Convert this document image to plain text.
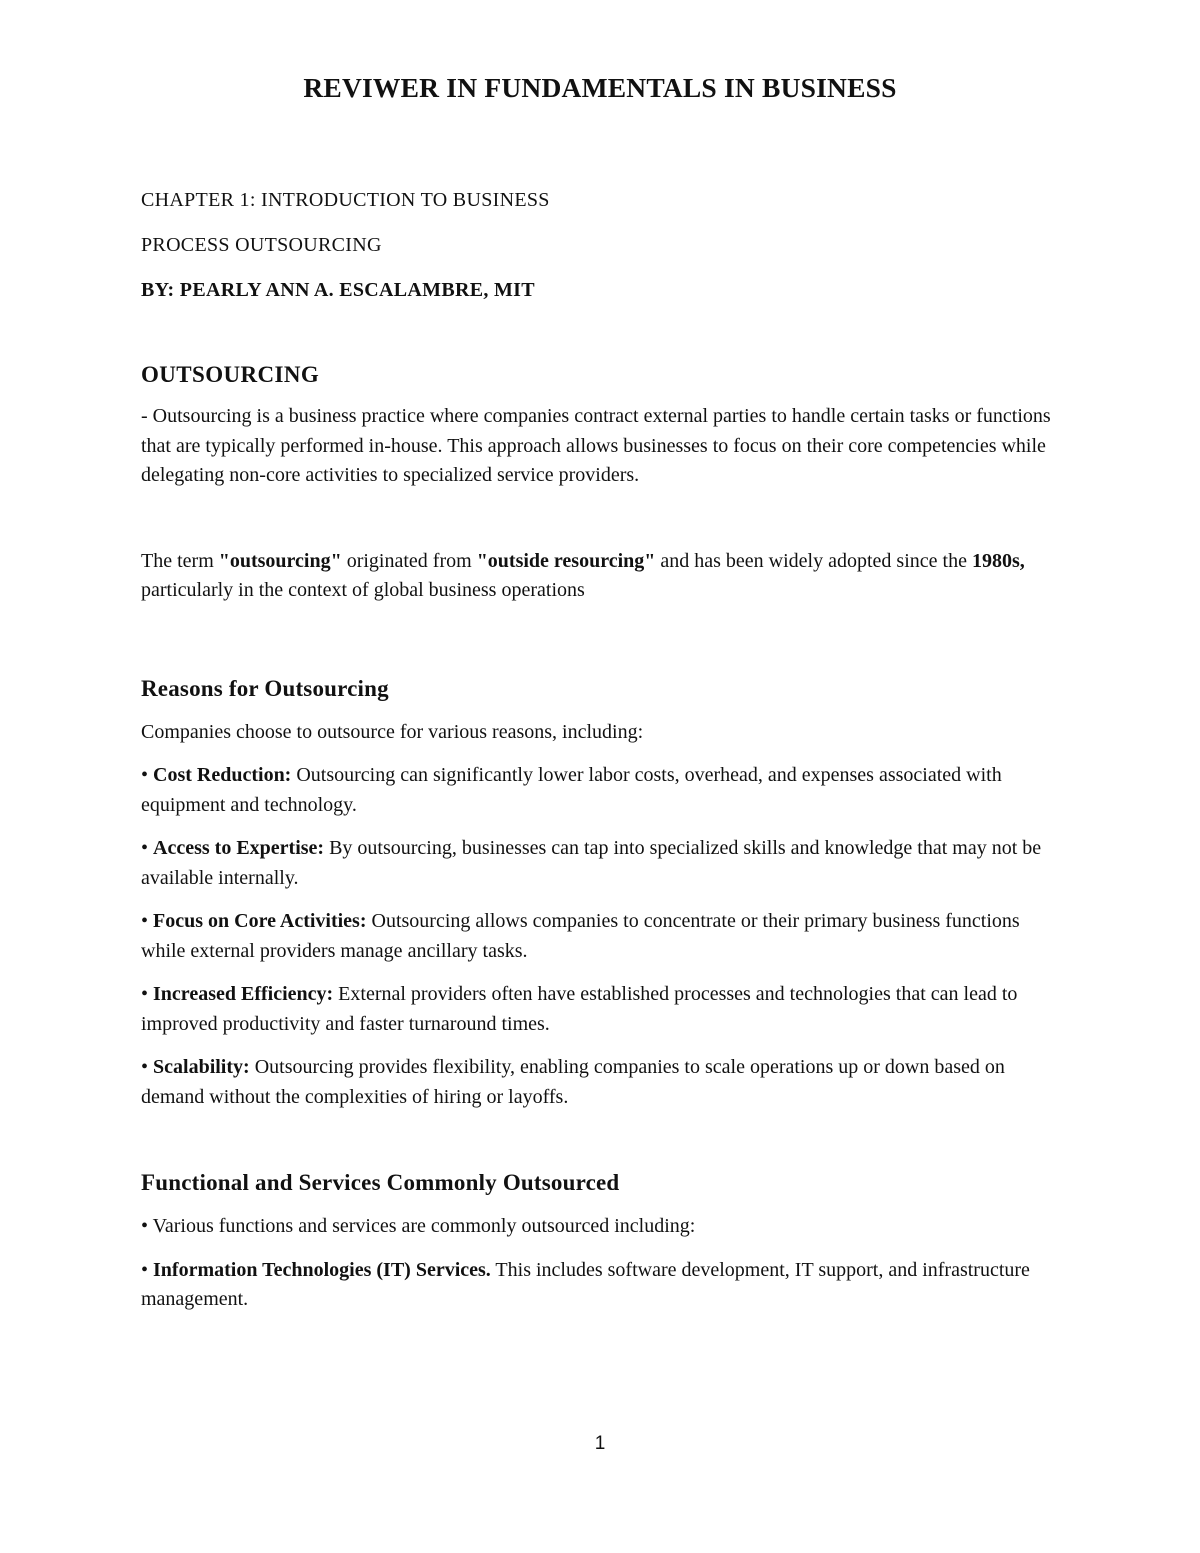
REVIWER IN FUNDAMENTALS IN BUSINESS
CHAPTER 1: INTRODUCTION TO BUSINESS
PROCESS OUTSOURCING
BY: PEARLY ANN A. ESCALAMBRE, MIT
OUTSOURCING

- Outsourcing is a business practice where companies contract external parties to handle certain tasks or functions that are typically performed in-house. This approach allows businesses to focus on their core competencies while delegating non-core activities to specialized service providers.

The term "outsourcing" originated from "outside resourcing" and has been widely adopted since the 1980s, particularly in the context of global business operations

Reasons for Outsourcing

Companies choose to outsource for various reasons, including:

• Cost Reduction: Outsourcing can significantly lower labor costs, overhead, and expenses associated with equipment and technology.

• Access to Expertise: By outsourcing, businesses can tap into specialized skills and knowledge that may not be available internally.

• Focus on Core Activities: Outsourcing allows companies to concentrate or their primary business functions while external providers manage ancillary tasks.

• Increased Efficiency: External providers often have established processes and technologies that can lead to improved productivity and faster turnaround times.

• Scalability: Outsourcing provides flexibility, enabling companies to scale operations up or down based on demand without the complexities of hiring or layoffs.

Functional and Services Commonly Outsourced

• Various functions and services are commonly outsourced including:

• Information Technologies (IT) Services. This includes software development, IT support, and infrastructure management.

1
